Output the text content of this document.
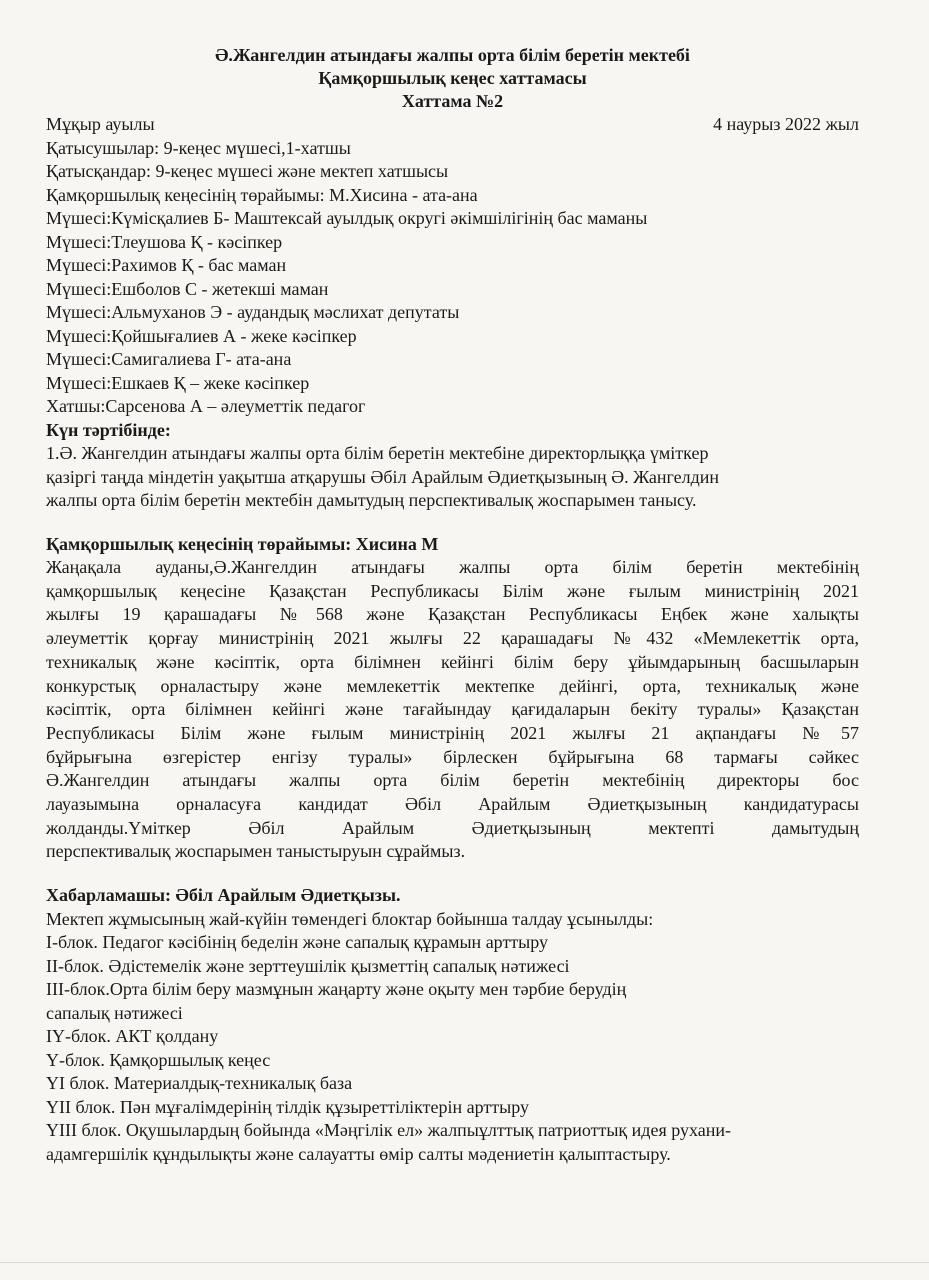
Ә.Жангелдин атындағы жалпы орта білім беретін мектебі

Қамқоршылық кеңес хаттамасы

Хаттама №2

Мұқыр ауылы	4 наурыз 2022 жыл

Қатысушылар: 9-кеңес мүшесі,1-хатшы

Қатысқандар: 9-кеңес мүшесі және мектеп хатшысы

Қамқоршылық кеңесінің төрайымы: М.Хисина - ата-ана

Мүшесі:Күмісқалиев Б- Маштексай ауылдық округі әкімшілігінің бас маманы

Мүшесі:Тлеушова Қ - кәсіпкер

Мүшесі:Рахимов Қ - бас маман

Мүшесі:Ешболов С - жетекші маман

Мүшесі:Альмуханов Э - аудандық мәслихат депутаты

Мүшесі:Қойшығалиев А - жеке кәсіпкер

Мүшесі:Самигалиева Г- ата-ана

Мүшесі:Ешкаев Қ – жеке кәсіпкер

Хатшы:Сарсенова А – әлеуметтік педагог

Күн тәртібінде:

1.Ә. Жангелдин атындағы жалпы орта білім беретін мектебіне директорлыққа үміткер

қазіргі таңда міндетін уақытша атқарушы Әбіл Арайлым Әдиетқызының Ә. Жангелдин

жалпы орта білім беретін мектебін дамытудың перспективалық жоспарымен танысу.

Қамқоршылық кеңесінің төрайымы: Хисина М

Жаңақала ауданы,Ә.Жангелдин атындағы жалпы орта білім беретін мектебінің

қамқоршылық кеңесіне Қазақстан Республикасы Білім және ғылым министрінің 2021

жылғы 19 қарашадағы №568 және Қазақстан Республикасы Еңбек және халықты

әлеуметтік қорғау министрінің 2021 жылғы 22 қарашадағы №432 «Мемлекеттік орта,

техникалық және кәсіптік, орта білімнен кейінгі білім беру ұйымдарының басшыларын

конкурстық орналастыру және мемлекеттік мектепке дейінгі, орта, техникалық және

кәсіптік, орта білімнен кейінгі және тағайындау қағидаларын бекіту туралы» Қазақстан

Республикасы Білім және ғылым министрінің 2021 жылғы 21 ақпандағы №57

бұйрығына өзгерістер енгізу туралы» бірлескен бұйрығына 68 тармағы сәйкес

Ә.Жангелдин атындағы жалпы орта білім беретін мектебінің директоры бос

лауазымына орналасуға кандидат Әбіл Арайлым Әдиетқызының кандидатурасы

жолданды.Үміткер Әбіл Арайлым Әдиетқызының мектепті дамытудың

перспективалық жоспарымен таныстыруын сұраймыз.

Хабарламашы: Әбіл Арайлым Әдиетқызы.

Мектеп жұмысының жай-күйін төмендегі блоктар бойынша талдау ұсынылды:

І-блок. Педагог кәсібінің беделін және сапалық құрамын арттыру

ІІ-блок. Әдістемелік және зерттеушілік қызметтің сапалық нәтижесі

ІІІ-блок.Орта білім беру мазмұнын жаңарту және оқыту мен тәрбие берудің

сапалық нәтижесі

ІҮ-блок. АКТ қолдану

Ү-блок. Қамқоршылық кеңес

ҮІ блок. Материалдық-техникалық база

ҮІІ блок. Пән мұғалімдерінің тілдік құзыреттіліктерін арттыру

ҮІІІ блок. Оқушылардың бойында «Мәңгілік ел» жалпыұлттық патриоттық идея рухани-

адамгершілік құндылықты және салауатты өмір салты мәдениетін қалыптастыру.
